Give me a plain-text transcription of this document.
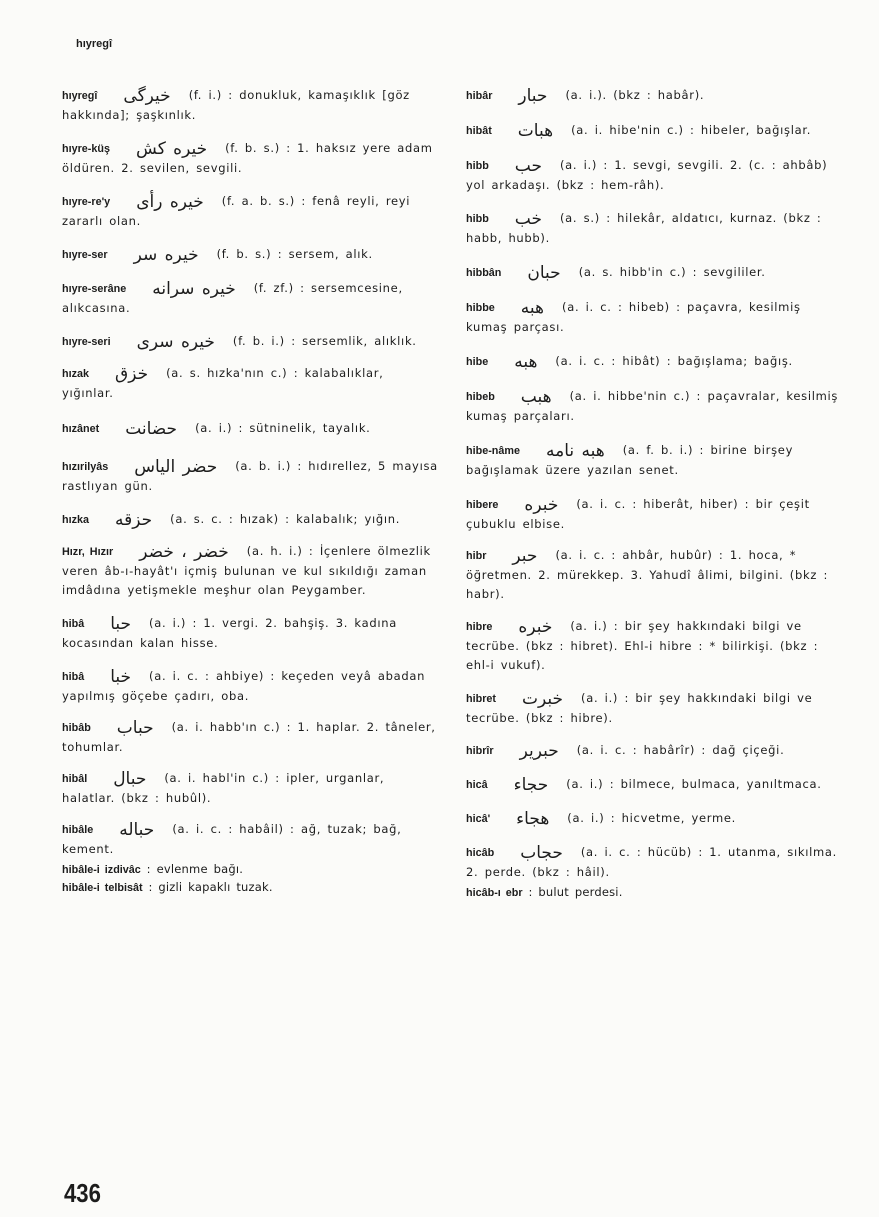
hıyregî

hıyregî خیرگی (f. i.) : donukluk, kamaşıklık [göz hakkında]; şaşkınlık.

hıyre-küş خیره کش (f. b. s.) : 1. haksız yere adam öldüren. 2. sevilen, sevgili.

hıyre-re'y خیره رأی (f. a. b. s.) : fenâ reyli, reyi zararlı olan.

hıyre-ser خیره سر (f. b. s.) : sersem, alık.

hıyre-serâne خیره سرانه (f. zf.) : sersemcesine, alıkcasına.

hıyre-seri خیره سری (f. b. i.) : sersemlik, alıklık.

hızak خزق (a. s. hızka'nın c.) : kalabalıklar, yığınlar.

hızânet حضانت (a. i.) : sütninelik, tayalık.

hızırilyâs حضر الیاس (a. b. i.) : hıdırellez, 5 mayısa rastlıyan gün.

hızka حزقه (a. s. c. : hızak) : kalabalık; yığın.

Hızr, Hızır خضر ، خضر (a. h. i.) : İçenlere ölmezlik veren âb-ı-hayât'ı içmiş bulunan ve kul sıkıldığı zaman imdâdına yetişmekle meşhur olan Peygamber.

hibâ حبا (a. i.) : 1. vergi. 2. bahşiş. 3. kadına kocasından kalan hisse.

hibâ خبا (a. i. c. : ahbiye) : keçeden veyâ abadan yapılmış göçebe çadırı, oba.

hibâb حباب (a. i. habb'ın c.) : 1. haplar. 2. tâneler, tohumlar.

hibâl حبال (a. i. habl'in c.) : ipler, urganlar, halatlar. (bkz : hubûl).

hibâle حباله (a. i. c. : habâil) : ağ, tuzak; bağ, kement.

hibâle-i izdivâc : evlenme bağı.

hibâle-i telbisât : gizli kapaklı tuzak.

hibâr حبار (a. i.). (bkz : habâr).

hibât هبات (a. i. hibe'nin c.) : hibeler, bağışlar.

hibb حب (a. i.) : 1. sevgi, sevgili. 2. (c. : ahbâb) yol arkadaşı. (bkz : hem-râh).

hibb خب (a. s.) : hilekâr, aldatıcı, kurnaz. (bkz : habb, hubb).

hibbân حبان (a. s. hibb'in c.) : sevgililer.

hibbe هبه (a. i. c. : hibeb) : paçavra, kesilmiş kumaş parçası.

hibe هبه (a. i. c. : hibât) : bağışlama; bağış.

hibeb هبب (a. i. hibbe'nin c.) : paçavralar, kesilmiş kumaş parçaları.

hibe-nâme هبه نامه (a. f. b. i.) : birine birşey bağışlamak üzere yazılan senet.

hibere خبره (a. i. c. : hiberât, hiber) : bir çeşit çubuklu elbise.

hibr حبر (a. i. c. : ahbâr, hubûr) : 1. hoca, * öğretmen. 2. mürekkep. 3. Yahudî âlimi, bilgini. (bkz : habr).

hibre خبره (a. i.) : bir şey hakkındaki bilgi ve tecrübe. (bkz : hibret). Ehl-i hibre : * bilirkişi. (bkz : ehl-i vukuf).

hibret خبرت (a. i.) : bir şey hakkındaki bilgi ve tecrübe. (bkz : hibre).

hibrîr حبریر (a. i. c. : habârîr) : dağ çiçeği.

hicâ حجاء (a. i.) : bilmece, bulmaca, yanıltmaca.

hicâ' هجاء (a. i.) : hicvetme, yerme.

hicâb حجاب (a. i. c. : hücüb) : 1. utanma, sıkılma. 2. perde. (bkz : hâil).

hicâb-ı ebr : bulut perdesi.

436
